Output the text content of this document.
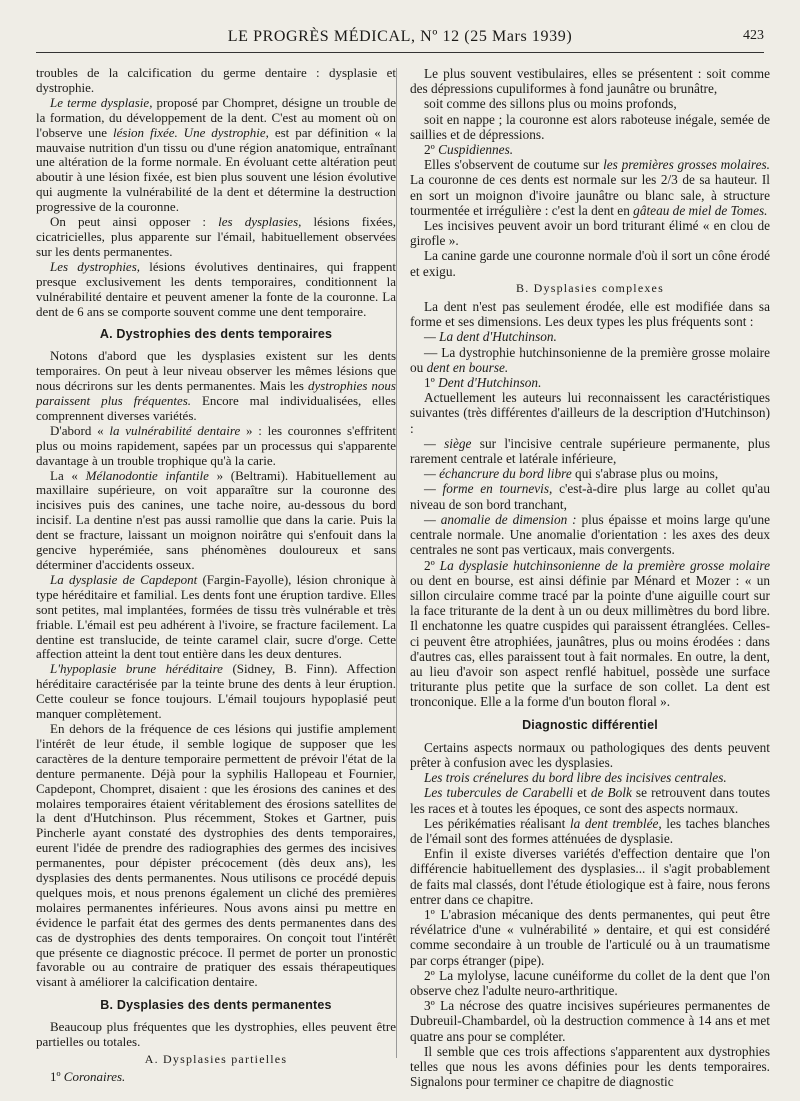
LE PROGRÈS MÉDICAL, Nº 12 (25 Mars 1939)	423

troubles de la calcification du germe dentaire : dysplasie et dystrophie.

Le terme dysplasie, proposé par Chompret, désigne un trouble de la formation, du développement de la dent. C'est au moment où on l'observe une lésion fixée. Une dystrophie, est par définition « la mauvaise nutrition d'un tissu ou d'une région anatomique, entraînant une altération de la forme normale. En évoluant cette altération peut aboutir à une lésion fixée, est bien plus souvent une lésion évolutive qui augmente la vulnérabilité de la dent et détermine la destruction progressive de la couronne.

On peut ainsi opposer : les dysplasies, lésions fixées, cicatricielles, plus apparente sur l'émail, habituellement observées sur les dents permanentes.

Les dystrophies, lésions évolutives dentinaires, qui frappent presque exclusivement les dents temporaires, conditionnent la vulnérabilité dentaire et peuvent amener la fonte de la couronne. La dent de 6 ans se comporte souvent comme une dent temporaire.

A. Dystrophies des dents temporaires

Notons d'abord que les dysplasies existent sur les dents temporaires. On peut à leur niveau observer les mêmes lésions que nous décrirons sur les dents permanentes. Mais les dystrophies nous paraissent plus fréquentes. Encore mal individualisées, elles comprennent diverses variétés.

D'abord « la vulnérabilité dentaire » : les couronnes s'effritent plus ou moins rapidement, sapées par un processus qui s'apparente davantage à un trouble trophique qu'à la carie.

La « Mélanodontie infantile » (Beltrami). Habituellement au maxillaire supérieure, on voit apparaître sur la couronne des incisives puis des canines, une tache noire, au-dessous du bord incisif. La dentine n'est pas aussi ramollie que dans la carie. Puis la dent se fracture, laissant un moignon noirâtre qui s'enfouit dans la gencive hyperémiée, sans phénomènes douloureux et sans déterminer d'accidents osseux.

La dysplasie de Capdepont (Fargin-Fayolle), lésion chronique à type héréditaire et familial. Les dents font une éruption tardive. Elles sont petites, mal implantées, formées de tissu très vulnérable et très friable. L'émail est peu adhérent à l'ivoire, se fracture facilement. La dentine est translucide, de teinte caramel clair, sucre d'orge. Cette affection atteint la dent tout entière dans les deux dentures.

L'hypoplasie brune héréditaire (Sidney, B. Finn). Affection héréditaire caractérisée par la teinte brune des dents à leur éruption. Cette couleur se fonce toujours. L'émail toujours hypoplasié peut manquer complètement.

En dehors de la fréquence de ces lésions qui justifie amplement l'intérêt de leur étude, il semble logique de supposer que les caractères de la denture temporaire permettent de prévoir l'état de la denture permanente. Déjà pour la syphilis Hallopeau et Fournier, Capdepont, Chompret, disaient : que les érosions des canines et des molaires temporaires étaient véritablement des érosions satellites de la dent d'Hutchinson. Plus récemment, Stokes et Gartner, puis Pincherle ayant constaté des dystrophies des dents temporaires, eurent l'idée de prendre des radiographies des germes des incisives permanentes, pour dépister précocement (dès deux ans), les dysplasies des dents permanentes. Nous utilisons ce procédé depuis quelques mois, et nous prenons également un cliché des premières molaires permanentes inférieures. Nous avons ainsi pu mettre en évidence le parfait état des germes des dents permanentes dans des cas de dystrophies des dents temporaires. On conçoit tout l'intérêt que présente ce diagnostic précoce. Il permet de porter un pronostic favorable ou au contraire de pratiquer des essais thérapeutiques visant à améliorer la calcification dentaire.

B. Dysplasies des dents permanentes

Beaucoup plus fréquentes que les dystrophies, elles peuvent être partielles ou totales.

A. Dysplasies partielles

1º Coronaires.

Le plus souvent vestibulaires, elles se présentent : soit comme des dépressions cupuliformes à fond jaunâtre ou brunâtre,

soit comme des sillons plus ou moins profonds,

soit en nappe ; la couronne est alors raboteuse inégale, semée de saillies et de dépressions.

2º Cuspidiennes.

Elles s'observent de coutume sur les premières grosses molaires. La couronne de ces dents est normale sur les 2/3 de sa hauteur. Il en sort un moignon d'ivoire jaunâtre ou blanc sale, à structure tourmentée et irrégulière : c'est la dent en gâteau de miel de Tomes.

Les incisives peuvent avoir un bord triturant élimé « en clou de girofle ».

La canine garde une couronne normale d'où il sort un cône érodé et exigu.

B. Dysplasies complexes

La dent n'est pas seulement érodée, elle est modifiée dans sa forme et ses dimensions. Les deux types les plus fréquents sont :

— La dent d'Hutchinson.

— La dystrophie hutchinsonienne de la première grosse molaire ou dent en bourse.

1º Dent d'Hutchinson.

Actuellement les auteurs lui reconnaissent les caractéristiques suivantes (très différentes d'ailleurs de la description d'Hutchinson) :

— siège sur l'incisive centrale supérieure permanente, plus rarement centrale et latérale inférieure,

— échancrure du bord libre qui s'abrase plus ou moins,

— forme en tournevis, c'est-à-dire plus large au collet qu'au niveau de son bord tranchant,

— anomalie de dimension : plus épaisse et moins large qu'une centrale normale. Une anomalie d'orientation : les axes des deux centrales ne sont pas verticaux, mais convergents.

2º La dysplasie hutchinsonienne de la première grosse molaire ou dent en bourse, est ainsi définie par Ménard et Mozer : « un sillon circulaire comme tracé par la pointe d'une aiguille court sur la face triturante de la dent à un ou deux millimètres du bord libre. Il enchatonne les quatre cuspides qui paraissent étranglées. Celles-ci peuvent être atrophiées, jaunâtres, plus ou moins érodées : dans d'autres cas, elles paraissent tout à fait normales. En outre, la dent, au lieu d'avoir son aspect renflé habituel, possède une surface triturante plus petite que la surface de son collet. La dent est tronconique. Elle a la forme d'un bouton floral ».

Diagnostic différentiel

Certains aspects normaux ou pathologiques des dents peuvent prêter à confusion avec les dysplasies.

Les trois crénelures du bord libre des incisives centrales.

Les tubercules de Carabelli et de Bolk se retrouvent dans toutes les races et à toutes les époques, ce sont des aspects normaux.

Les périkématies réalisant la dent tremblée, les taches blanches de l'émail sont des formes atténuées de dysplasie.

Enfin il existe diverses variétés d'effection dentaire que l'on différencie habituellement des dysplasies... il s'agit probablement de faits mal classés, dont l'étude étiologique est à faire, nous ferons entrer dans ce chapitre.

1º L'abrasion mécanique des dents permanentes, qui peut être révélatrice d'une « vulnérabilité » dentaire, et qui est considéré comme secondaire à un trouble de l'articulé ou à un traumatisme par corps étranger (pipe).

2º La mylolyse, lacune cunéiforme du collet de la dent que l'on observe chez l'adulte neuro-arthritique.

3º La nécrose des quatre incisives supérieures permanentes de Dubreuil-Chambardel, où la destruction commence à 14 ans et met quatre ans pour se compléter.

Il semble que ces trois affections s'apparentent aux dystrophies telles que nous les avons définies pour les dents temporaires. Signalons pour terminer ce chapitre de diagnostic
